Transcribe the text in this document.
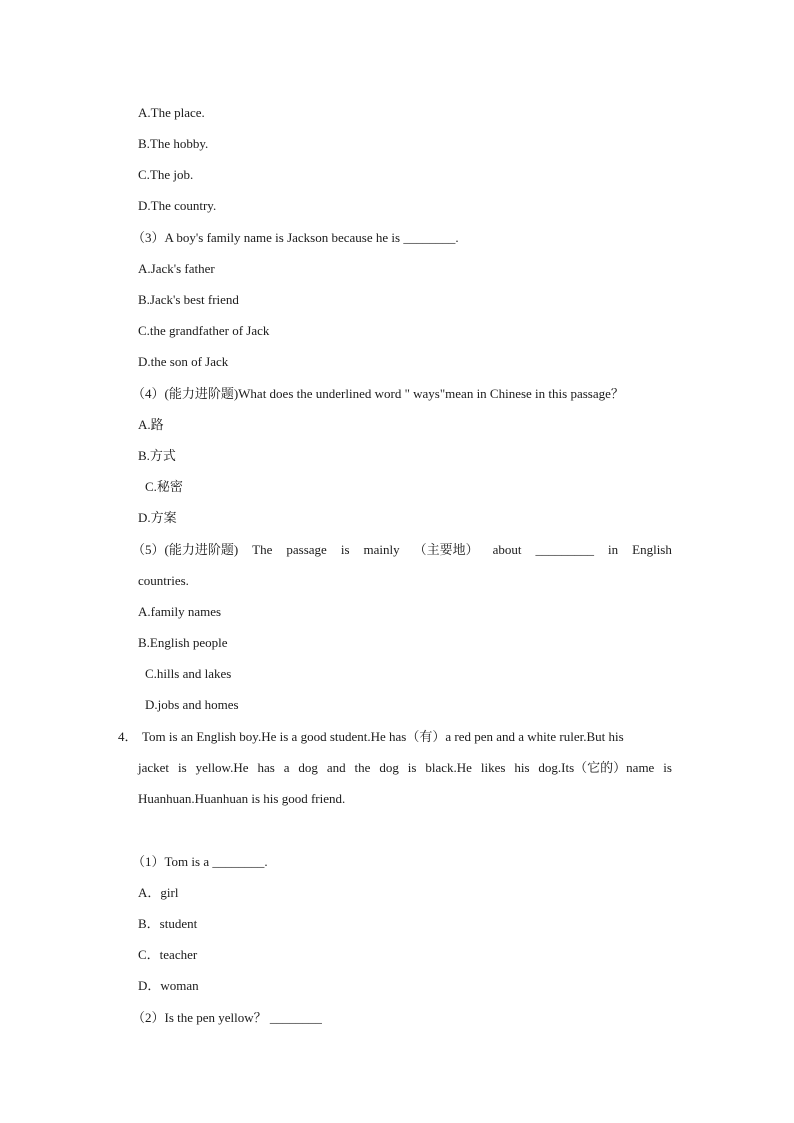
A.The place.
B.The hobby.
C.The job.
D.The country.
（3）A boy's family name is Jackson because he is ________.
A.Jack's father
B.Jack's best friend
C.the grandfather of Jack
D.the son of Jack
（4）(能力进阶题)What does the underlined word " ways"mean in Chinese in this passage？
A.路
B.方式
C.秘密
D.方案
（5）(能力进阶题) The passage is mainly （主要地） about _________ in English
countries.
A.family names
B.English people
C.hills and lakes
D.jobs and homes
4． Tom is an English boy.He is a good student.He has（有）a red pen and a white ruler.But his
jacket is yellow.He has a dog and the dog is black.He likes his dog.Its（它的）name is
Huanhuan.Huanhuan is his good friend.
（1）Tom is a ________.
A．girl
B．student
C．teacher
D．woman
（2）Is the pen yellow？ ________
